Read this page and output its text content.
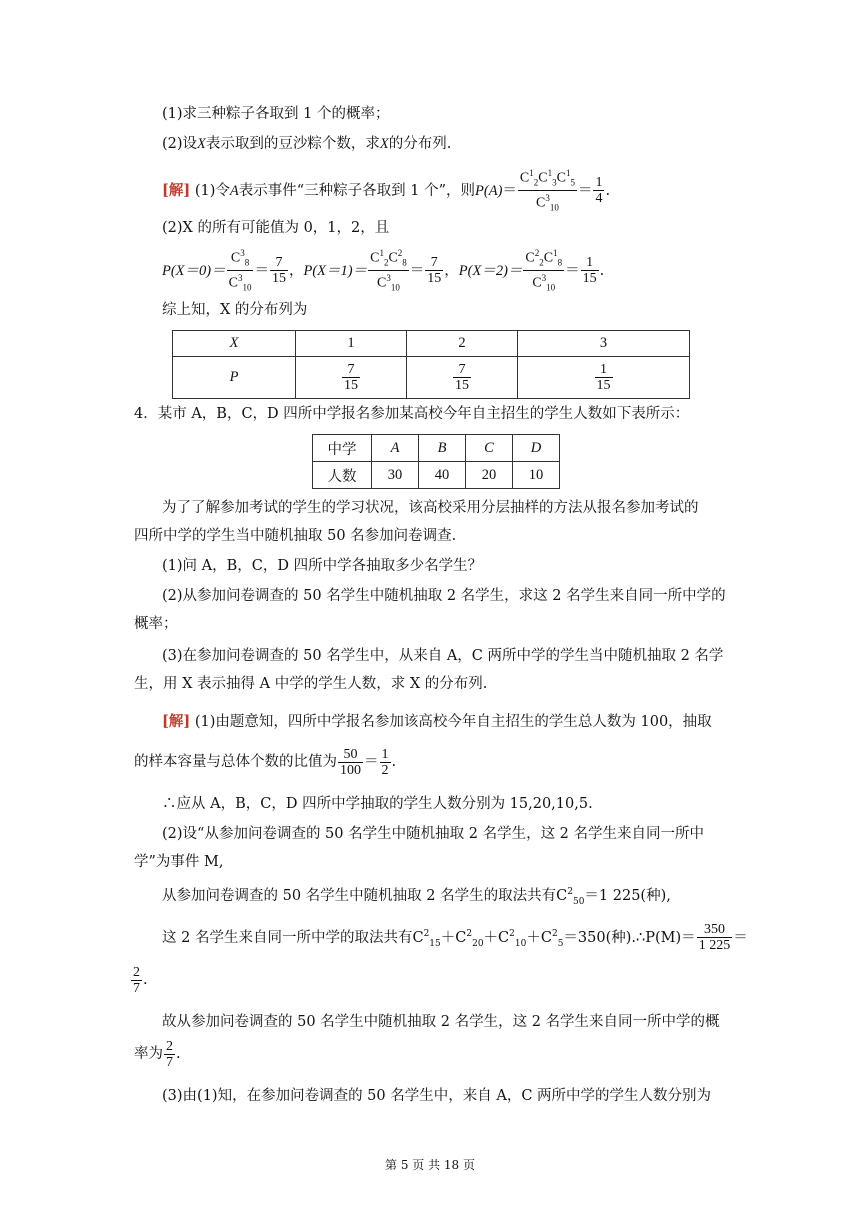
(1)求三种粽子各取到 1 个的概率；
(2)设X表示取到的豆沙粽个数，求X的分布列.
[解] (1)令A表示事件“三种粽子各取到 1 个”，则$P(A)= \frac{C^1_2C^1_3C^1_5}{C^3_{10}} = \frac{1}{4}$ .
(2)X 的所有可能值为 0，1，2，且
$P(X=0)= \frac{C^3_8}{C^3_{10}} = \frac{7}{15}$ ，$P(X=1)= \frac{C^1_2C^2_8}{C^3_{10}} = \frac{7}{15}$ ，$P(X=2)= \frac{C^2_2C^1_8}{C^3_{10}} = \frac{1}{15}$ .
综上知，X 的分布列为
X	1	2	3
P	$\frac{7}{15}$	$\frac{7}{15}$	$\frac{1}{15}$
4．某市 A，B，C，D 四所中学报名参加某高校今年自主招生的学生人数如下表所示：
中学	A	B	C	D
人数	30	40	20	10
为了了解参加考试的学生的学习状况，该高校采用分层抽样的方法从报名参加考试的
四所中学的学生当中随机抽取 50 名参加问卷调查.
(1)问 A，B，C，D 四所中学各抽取多少名学生？
(2)从参加问卷调查的 50 名学生中随机抽取 2 名学生，求这 2 名学生来自同一所中学的
概率；
(3)在参加问卷调查的 50 名学生中，从来自 A，C 两所中学的学生当中随机抽取 2 名学
生，用 X 表示抽得 A 中学的学生人数，求 X 的分布列.
[解] (1)由题意知，四所中学报名参加该高校今年自主招生的学生总人数为 100，抽取
的样本容量与总体个数的比值为 $\frac{50}{100} = \frac{1}{2}$ .
∴应从 A，B，C，D 四所中学抽取的学生人数分别为 15,20,10,5.
(2)设“从参加问卷调查的 50 名学生中随机抽取 2 名学生，这 2 名学生来自同一所中
学”为事件 M,
从参加问卷调查的 50 名学生中随机抽取 2 名学生的取法共有$C^2_{50}=1$ 225(种),
这 2 名学生来自同一所中学的取法共有$C^2_{15}+C^2_{20}+C^2_{10}+C^2_5=350$(种).∴P(M)＝ $\frac{350}{1 225}$ ＝
$\frac{2}{7}$ .
故从参加问卷调查的 50 名学生中随机抽取 2 名学生，这 2 名学生来自同一所中学的概
率为 $\frac{2}{7}$ .
(3)由(1)知，在参加问卷调查的 50 名学生中，来自 A，C 两所中学的学生人数分别为
第 5 页 共 18 页
